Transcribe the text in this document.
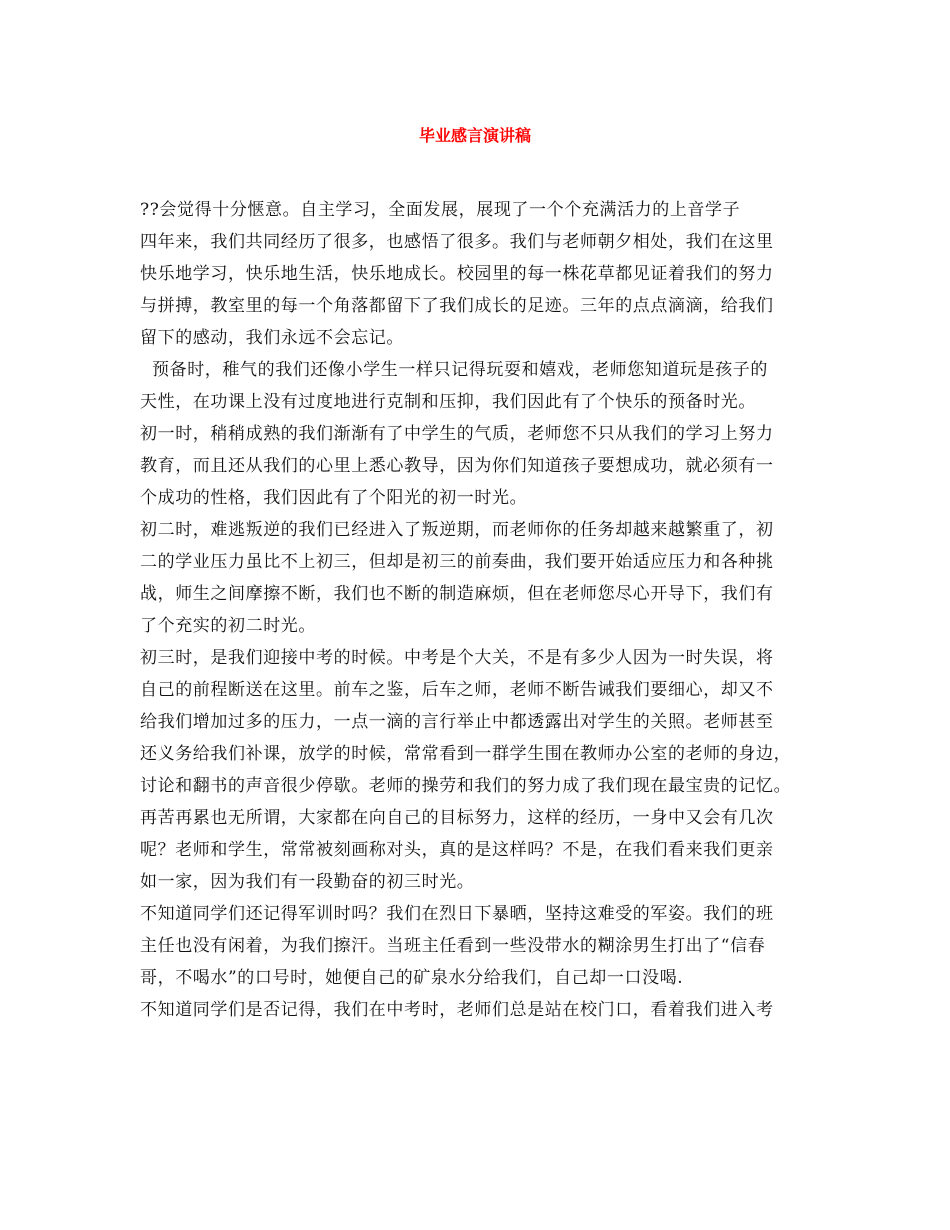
毕业感言演讲稿
??会觉得十分惬意。自主学习，全面发展，展现了一个个充满活力的上音学子
四年来，我们共同经历了很多，也感悟了很多。我们与老师朝夕相处，我们在这里
快乐地学习，快乐地生活，快乐地成长。校园里的每一株花草都见证着我们的努力
与拼搏，教室里的每一个角落都留下了我们成长的足迹。三年的点点滴滴，给我们
留下的感动，我们永远不会忘记。
预备时，稚气的我们还像小学生一样只记得玩耍和嬉戏，老师您知道玩是孩子的
天性，在功课上没有过度地进行克制和压抑，我们因此有了个快乐的预备时光。
初一时，稍稍成熟的我们渐渐有了中学生的气质，老师您不只从我们的学习上努力
教育，而且还从我们的心里上悉心教导，因为你们知道孩子要想成功，就必须有一
个成功的性格，我们因此有了个阳光的初一时光。
初二时，难逃叛逆的我们已经进入了叛逆期，而老师你的任务却越来越繁重了，初
二的学业压力虽比不上初三，但却是初三的前奏曲，我们要开始适应压力和各种挑
战，师生之间摩擦不断，我们也不断的制造麻烦，但在老师您尽心开导下，我们有
了个充实的初二时光。
初三时，是我们迎接中考的时候。中考是个大关，不是有多少人因为一时失误，将
自己的前程断送在这里。前车之鉴，后车之师，老师不断告诫我们要细心，却又不
给我们增加过多的压力，一点一滴的言行举止中都透露出对学生的关照。老师甚至
还义务给我们补课，放学的时候，常常看到一群学生围在教师办公室的老师的身边，
讨论和翻书的声音很少停歇。老师的操劳和我们的努力成了我们现在最宝贵的记忆。
再苦再累也无所谓，大家都在向自己的目标努力，这样的经历，一身中又会有几次
呢？老师和学生，常常被刻画称对头，真的是这样吗？不是，在我们看来我们更亲
如一家，因为我们有一段勤奋的初三时光。
不知道同学们还记得军训时吗？我们在烈日下暴晒，坚持这难受的军姿。我们的班
主任也没有闲着，为我们擦汗。当班主任看到一些没带水的糊涂男生打出了“信春
哥，不喝水”的口号时，她便自己的矿泉水分给我们，自己却一口没喝.
不知道同学们是否记得，我们在中考时，老师们总是站在校门口，看着我们进入考
